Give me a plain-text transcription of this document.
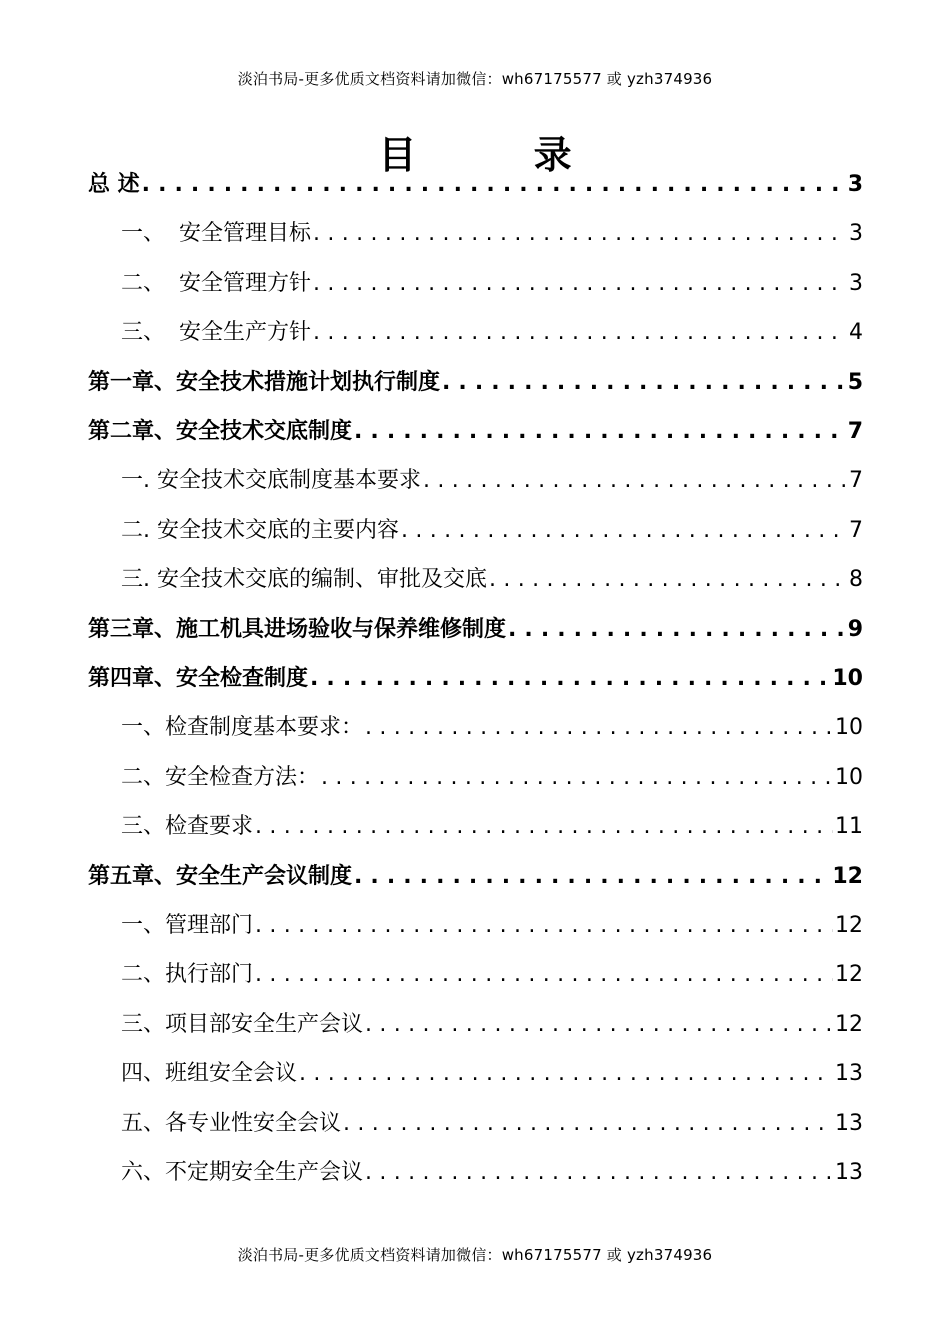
淡泊书局-更多优质文档资料请加微信：wh67175577 或 yzh374936
目 录
总 述 . . .	3
一、  安全管理目标 . . .	3
二、  安全管理方针 . . .	3
三、  安全生产方针 . . .	4
第一章、安全技术措施计划执行制度 . . .	5
第二章、安全技术交底制度 . . .	7
一. 安全技术交底制度基本要求 . . .	7
二. 安全技术交底的主要内容 . . .	7
三. 安全技术交底的编制、审批及交底 . . .	8
第三章、施工机具进场验收与保养维修制度 . . .	9
第四章、安全检查制度 . . .	10
一、检查制度基本要求： . . .	10
二、安全检查方法： . . .	10
三、检查要求 . . .	11
第五章、安全生产会议制度 . . .	12
一、管理部门 . . .	12
二、执行部门 . . .	12
三、项目部安全生产会议 . . .	12
四、班组安全会议 . . .	13
五、各专业性安全会议 . . .	13
六、不定期安全生产会议 . . .	13
淡泊书局-更多优质文档资料请加微信：wh67175577 或 yzh374936
